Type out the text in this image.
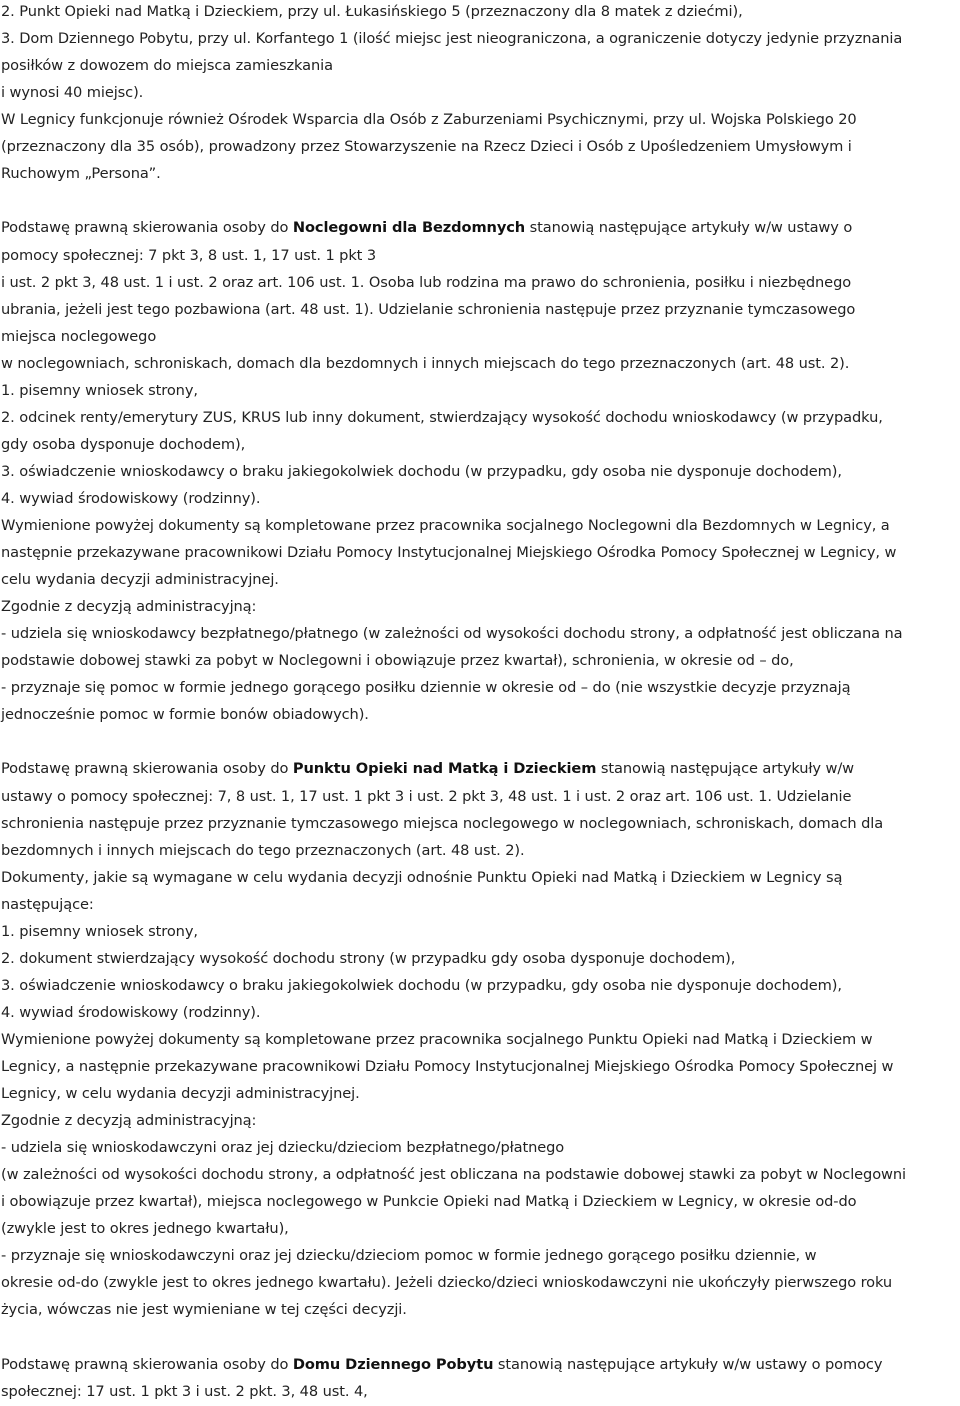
2. Punkt Opieki nad Matką i Dzieckiem, przy ul. Łukasińskiego 5 (przeznaczony dla 8 matek z dziećmi),
3. Dom Dziennego Pobytu, przy ul. Korfantego 1 (ilość miejsc jest nieograniczona, a ograniczenie dotyczy jedynie przyznania
posiłków z dowozem do miejsca zamieszkania
i wynosi 40 miejsc).
W Legnicy funkcjonuje również Ośrodek Wsparcia dla Osób z Zaburzeniami Psychicznymi, przy ul. Wojska Polskiego 20
(przeznaczony dla 35 osób), prowadzony przez Stowarzyszenie na Rzecz Dzieci i Osób z Upośledzeniem Umysłowym i
Ruchowym „Persona”.
Podstawę prawną skierowania osoby do Noclegowni dla Bezdomnych stanowią następujące artykuły w/w ustawy o
pomocy społecznej: 7 pkt 3, 8 ust. 1, 17 ust. 1 pkt 3
i ust. 2 pkt 3, 48 ust. 1 i ust. 2 oraz art. 106 ust. 1. Osoba lub rodzina ma prawo do schronienia, posiłku i niezbędnego
ubrania, jeżeli jest tego pozbawiona (art. 48 ust. 1). Udzielanie schronienia następuje przez przyznanie tymczasowego
miejsca noclegowego
w noclegowniach, schroniskach, domach dla bezdomnych i innych miejscach do tego przeznaczonych (art. 48 ust. 2).
1. pisemny wniosek strony,
2. odcinek renty/emerytury ZUS, KRUS lub inny dokument, stwierdzający wysokość dochodu wnioskodawcy (w przypadku,
gdy osoba dysponuje dochodem),
3. oświadczenie wnioskodawcy o braku jakiegokolwiek dochodu (w przypadku, gdy osoba nie dysponuje dochodem),
4. wywiad środowiskowy (rodzinny).
Wymienione powyżej dokumenty są kompletowane przez pracownika socjalnego Noclegowni dla Bezdomnych w Legnicy, a
następnie przekazywane pracownikowi Działu Pomocy Instytucjonalnej Miejskiego Ośrodka Pomocy Społecznej w Legnicy, w
celu wydania decyzji administracyjnej.
Zgodnie z decyzją administracyjną:
- udziela się wnioskodawcy bezpłatnego/płatnego (w zależności od wysokości dochodu strony, a odpłatność jest obliczana na
podstawie dobowej stawki za pobyt w Noclegowni i obowiązuje przez kwartał), schronienia, w okresie od – do,
- przyznaje się pomoc w formie jednego gorącego posiłku dziennie w okresie od – do (nie wszystkie decyzje przyznają
jednocześnie pomoc w formie bonów obiadowych).
Podstawę prawną skierowania osoby do Punktu Opieki nad Matką i Dzieckiem stanowią następujące artykuły w/w
ustawy o pomocy społecznej: 7, 8 ust. 1, 17 ust. 1 pkt 3 i ust. 2 pkt 3, 48 ust. 1 i ust. 2 oraz art. 106 ust. 1. Udzielanie
schronienia następuje przez przyznanie tymczasowego miejsca noclegowego w noclegowniach, schroniskach, domach dla
bezdomnych i innych miejscach do tego przeznaczonych (art. 48 ust. 2).
Dokumenty, jakie są wymagane w celu wydania decyzji odnośnie Punktu Opieki nad Matką i Dzieckiem w Legnicy są
następujące:
1. pisemny wniosek strony,
2. dokument stwierdzający wysokość dochodu strony (w przypadku gdy osoba dysponuje dochodem),
3. oświadczenie wnioskodawcy o braku jakiegokolwiek dochodu (w przypadku, gdy osoba nie dysponuje dochodem),
4. wywiad środowiskowy (rodzinny).
Wymienione powyżej dokumenty są kompletowane przez pracownika socjalnego Punktu Opieki nad Matką i Dzieckiem w
Legnicy, a następnie przekazywane pracownikowi Działu Pomocy Instytucjonalnej Miejskiego Ośrodka Pomocy Społecznej w
Legnicy, w celu wydania decyzji administracyjnej.
Zgodnie z decyzją administracyjną:
- udziela się wnioskodawczyni oraz jej dziecku/dzieciom bezpłatnego/płatnego
(w zależności od wysokości dochodu strony, a odpłatność jest obliczana na podstawie dobowej stawki za pobyt w Noclegowni
i obowiązuje przez kwartał), miejsca noclegowego w Punkcie Opieki nad Matką i Dzieckiem w Legnicy, w okresie od-do
(zwykle jest to okres jednego kwartału),
- przyznaje się wnioskodawczyni oraz jej dziecku/dzieciom pomoc w formie jednego gorącego posiłku dziennie, w
okresie od-do (zwykle jest to okres jednego kwartału). Jeżeli dziecko/dzieci wnioskodawczyni nie ukończyły pierwszego roku
życia, wówczas nie jest wymieniane w tej części decyzji.
Podstawę prawną skierowania osoby do Domu Dziennego Pobytu stanowią następujące artykuły w/w ustawy o pomocy
społecznej: 17 ust. 1 pkt 3 i ust. 2 pkt. 3, 48 ust. 4,
